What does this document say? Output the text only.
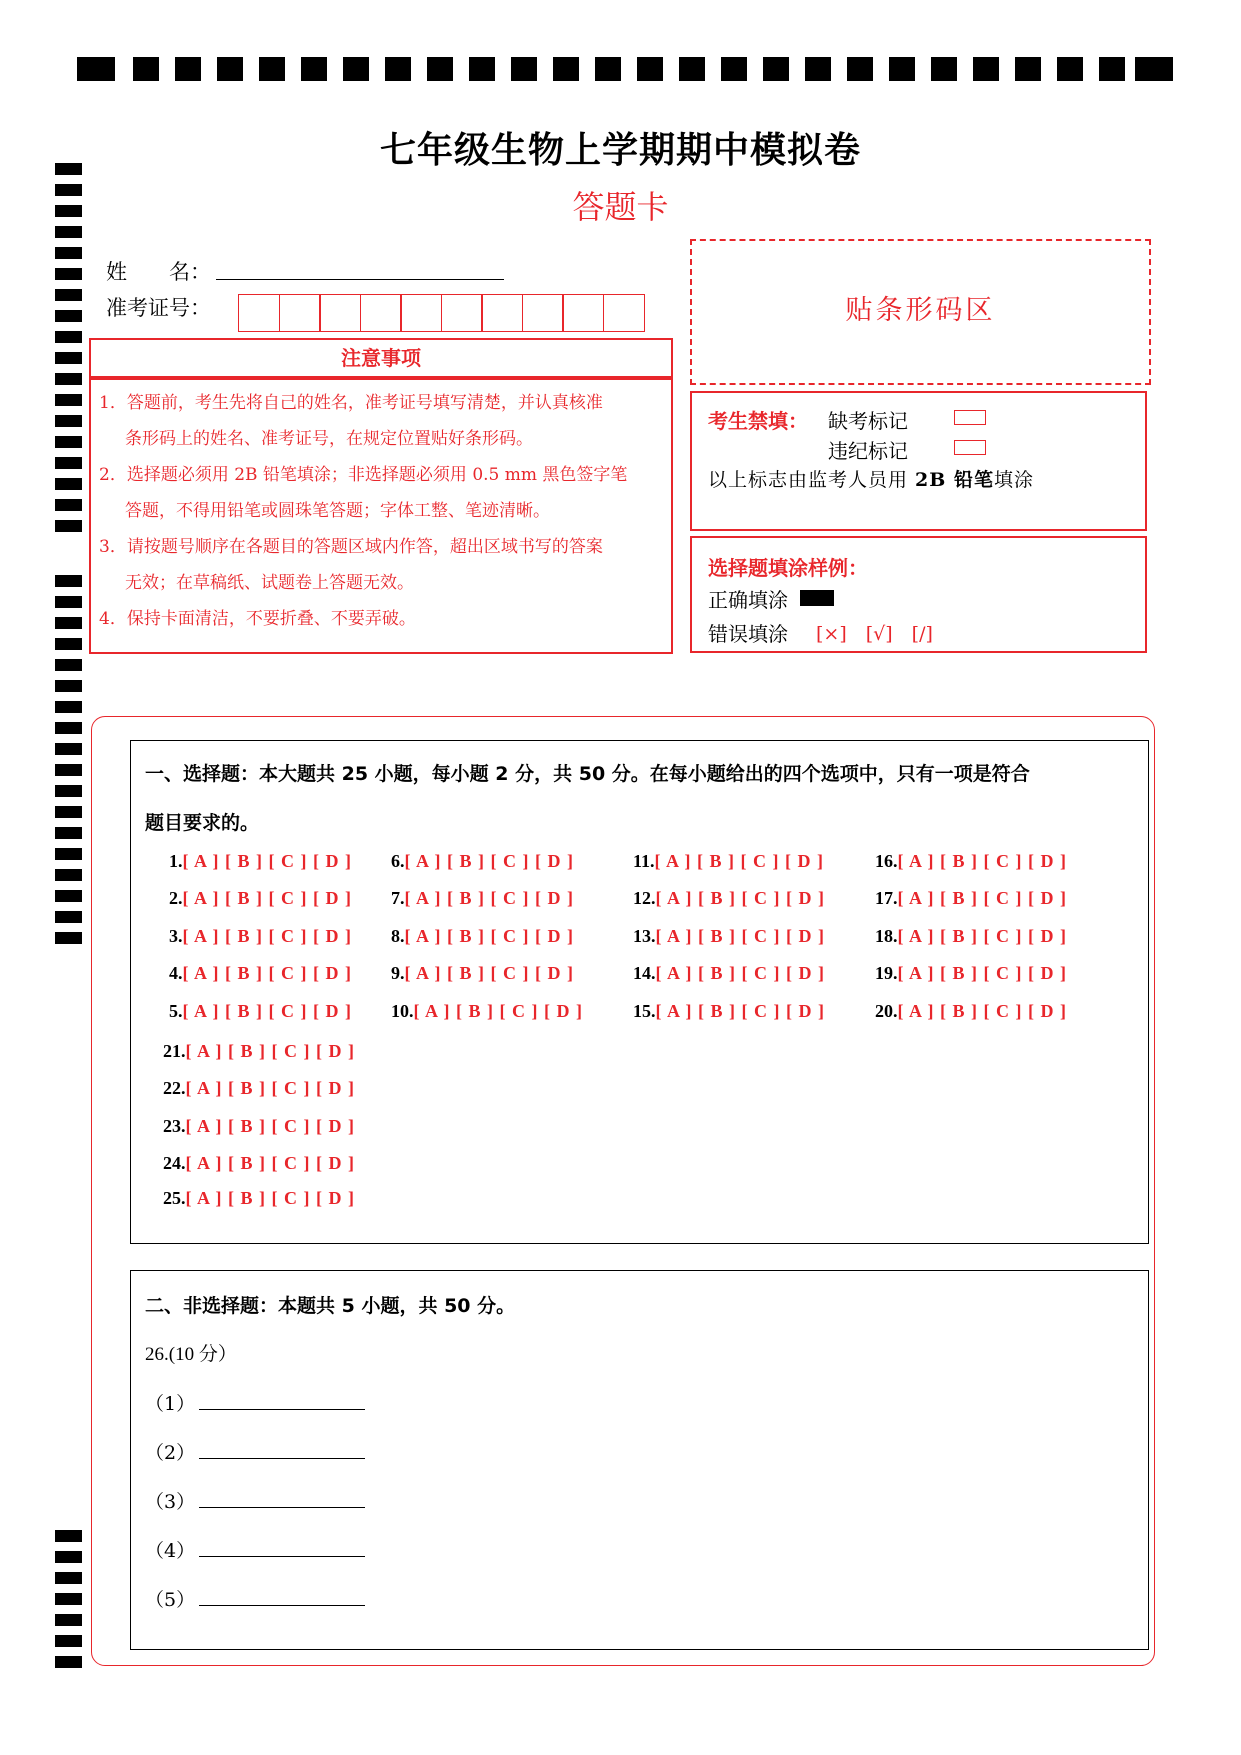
七年级生物上学期期中模拟卷
答题卡
姓　　名：
准考证号：	贴条形码区
注意事项

1．答题前，考生先将自己的姓名，准考证号填写清楚，并认真核准

条形码上的姓名、准考证号，在规定位置贴好条形码。

2．选择题必须用 2B 铅笔填涂；非选择题必须用 0.5 mm 黑色签字笔

答题，不得用铅笔或圆珠笔答题；字体工整、笔迹清晰。

3．请按题号顺序在各题目的答题区域内作答，超出区域书写的答案

无效；在草稿纸、试题卷上答题无效。

4．保持卡面清洁，不要折叠、不要弄破。

考生禁填： 缺考标记
违纪标记
以上标志由监考人员用 2B 铅笔填涂
选择题填涂样例：
正确填涂
错误填涂 [×]　[√]　[/]
一、选择题：本大题共 25 小题，每小题 2 分，共 50 分。在每小题给出的四个选项中，只有一项是符合
题目要求的。
1.[ A ] [ B ] [ C ] [ D ]
2.[ A ] [ B ] [ C ] [ D ]
3.[ A ] [ B ] [ C ] [ D ]
4.[ A ] [ B ] [ C ] [ D ]
5.[ A ] [ B ] [ C ] [ D ]
6.[ A ] [ B ] [ C ] [ D ]
7.[ A ] [ B ] [ C ] [ D ]
8.[ A ] [ B ] [ C ] [ D ]
9.[ A ] [ B ] [ C ] [ D ]
10.[ A ] [ B ] [ C ] [ D ]
11.[ A ] [ B ] [ C ] [ D ]
12.[ A ] [ B ] [ C ] [ D ]
13.[ A ] [ B ] [ C ] [ D ]
14.[ A ] [ B ] [ C ] [ D ]
15.[ A ] [ B ] [ C ] [ D ]
16.[ A ] [ B ] [ C ] [ D ]
17.[ A ] [ B ] [ C ] [ D ]
18.[ A ] [ B ] [ C ] [ D ]
19.[ A ] [ B ] [ C ] [ D ]
20.[ A ] [ B ] [ C ] [ D ]
21.[ A ] [ B ] [ C ] [ D ]
22.[ A ] [ B ] [ C ] [ D ]
23.[ A ] [ B ] [ C ] [ D ]
24.[ A ] [ B ] [ C ] [ D ]
25.[ A ] [ B ] [ C ] [ D ]
二、非选择题：本题共 5 小题，共 50 分。
26.(10 分）
（1）
（2）
（3）
（4）
（5）
